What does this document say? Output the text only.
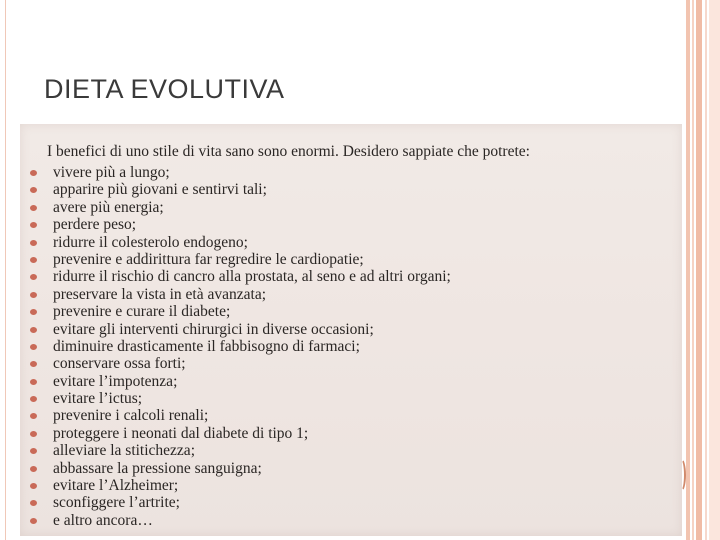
DIETA EVOLUTIVA
I benefici di uno stile di vita sano sono enormi. Desidero sappiate che potrete:
vivere più a lungo;
apparire più giovani e sentirvi tali;
avere più energia;
perdere peso;
ridurre il colesterolo endogeno;
prevenire e addirittura far regredire le cardiopatie;
ridurre il rischio di cancro alla prostata, al seno e ad altri organi;
preservare la vista in età avanzata;
prevenire e curare il diabete;
evitare gli interventi chirurgici in diverse occasioni;
diminuire drasticamente il fabbisogno di farmaci;
conservare ossa forti;
evitare l’impotenza;
evitare l’ictus;
prevenire i calcoli renali;
proteggere i neonati dal diabete di tipo 1;
alleviare la stitichezza;
abbassare la pressione sanguigna;
evitare l’Alzheimer;
sconfiggere l’artrite;
e altro ancora…
